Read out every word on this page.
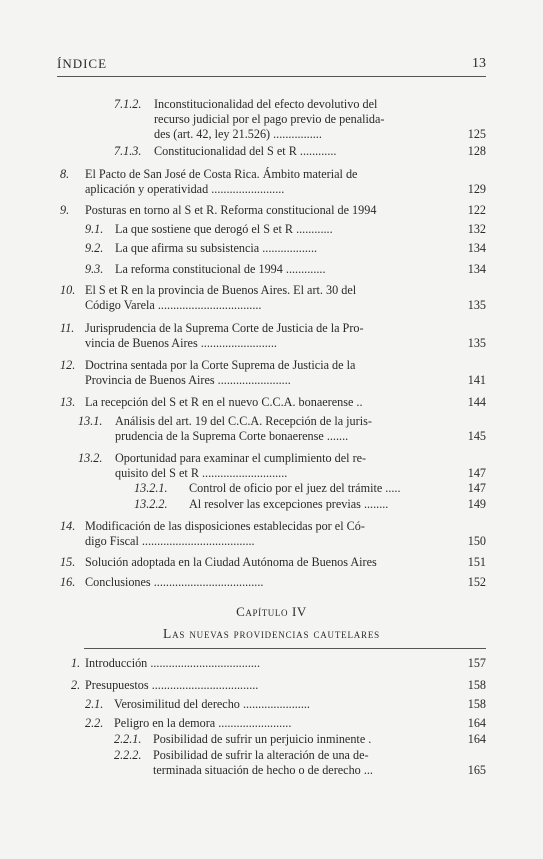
ÍNDICE	13
7.1.2. Inconstitucionalidad del efecto devolutivo del
recurso judicial por el pago previo de penalida-
des (art. 42, ley 21.526) ................	125
7.1.3. Constitucionalidad del S et R ............	128
8. El Pacto de San José de Costa Rica. Ámbito material de
aplicación y operatividad ........................	129
9. Posturas en torno al S et R. Reforma constitucional de 1994	122
9.1. La que sostiene que derogó el S et R ............	132
9.2. La que afirma su subsistencia ..................	134
9.3. La reforma constitucional de 1994 .............	134
10. El S et R en la provincia de Buenos Aires. El art. 30 del
Código Varela ..................................	135
11. Jurisprudencia de la Suprema Corte de Justicia de la Pro-
vincia de Buenos Aires .........................	135
12. Doctrina sentada por la Corte Suprema de Justicia de la
Provincia de Buenos Aires ........................	141
13. La recepción del S et R en el nuevo C.C.A. bonaerense ..	144
13.1. Análisis del art. 19 del C.C.A. Recepción de la juris-
prudencia de la Suprema Corte bonaerense .......	145
13.2. Oportunidad para examinar el cumplimiento del re-
quisito del S et R ............................	147
13.2.1. Control de oficio por el juez del trámite .....	147
13.2.2. Al resolver las excepciones previas ........	149
14. Modificación de las disposiciones establecidas por el Có-
digo Fiscal .....................................	150
15. Solución adoptada en la Ciudad Autónoma de Buenos Aires	151
16. Conclusiones ....................................	152
Capítulo IV
Las nuevas providencias cautelares
1. Introducción ....................................	157
2. Presupuestos ...................................	158
2.1. Verosimilitud del derecho ......................	158
2.2. Peligro en la demora ........................	164
2.2.1. Posibilidad de sufrir un perjuicio inminente .	164
2.2.2. Posibilidad de sufrir la alteración de una de-
terminada situación de hecho o de derecho ...	165
